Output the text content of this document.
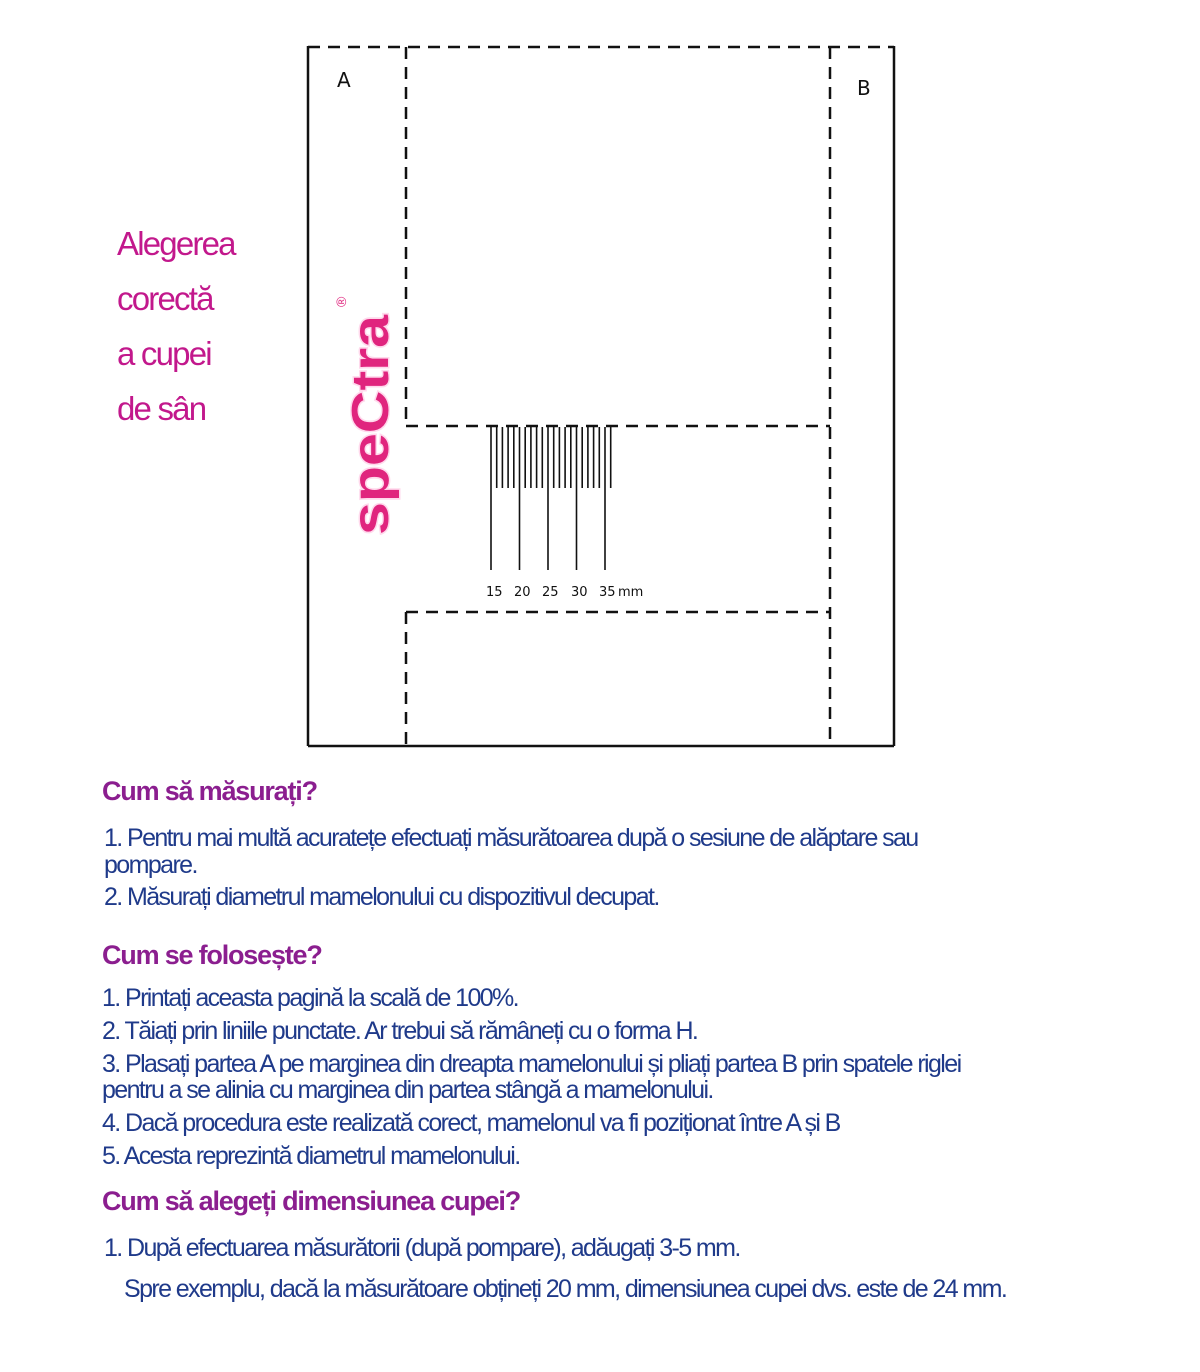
Alegerea
corectă
a cupei
de sân
A	B
15 20 25 30 35 mm
speCtra
®
Cum să măsurați?
1. Pentru mai multă acuratețe efectuați măsurătoarea după o sesiune de alăptare sau
pompare.
2. Măsurați diametrul mamelonului cu dispozitivul decupat.
Cum se folosește?
1. Printați aceasta pagină la scală de 100%.
2. Tăiați prin liniile punctate. Ar trebui să rămâneți cu o forma H.
3. Plasați partea A pe marginea din dreapta mamelonului și pliați partea B prin spatele riglei
pentru a se alinia cu marginea din partea stângă a mamelonului.
4. Dacă procedura este realizată corect, mamelonul va fi poziționat între A și B
5. Acesta reprezintă diametrul mamelonului.
Cum să alegeți dimensiunea cupei?
1. După efectuarea măsurătorii (după pompare), adăugați 3-5 mm.
Spre exemplu, dacă la măsurătoare obțineți 20 mm, dimensiunea cupei dvs. este de 24 mm.
